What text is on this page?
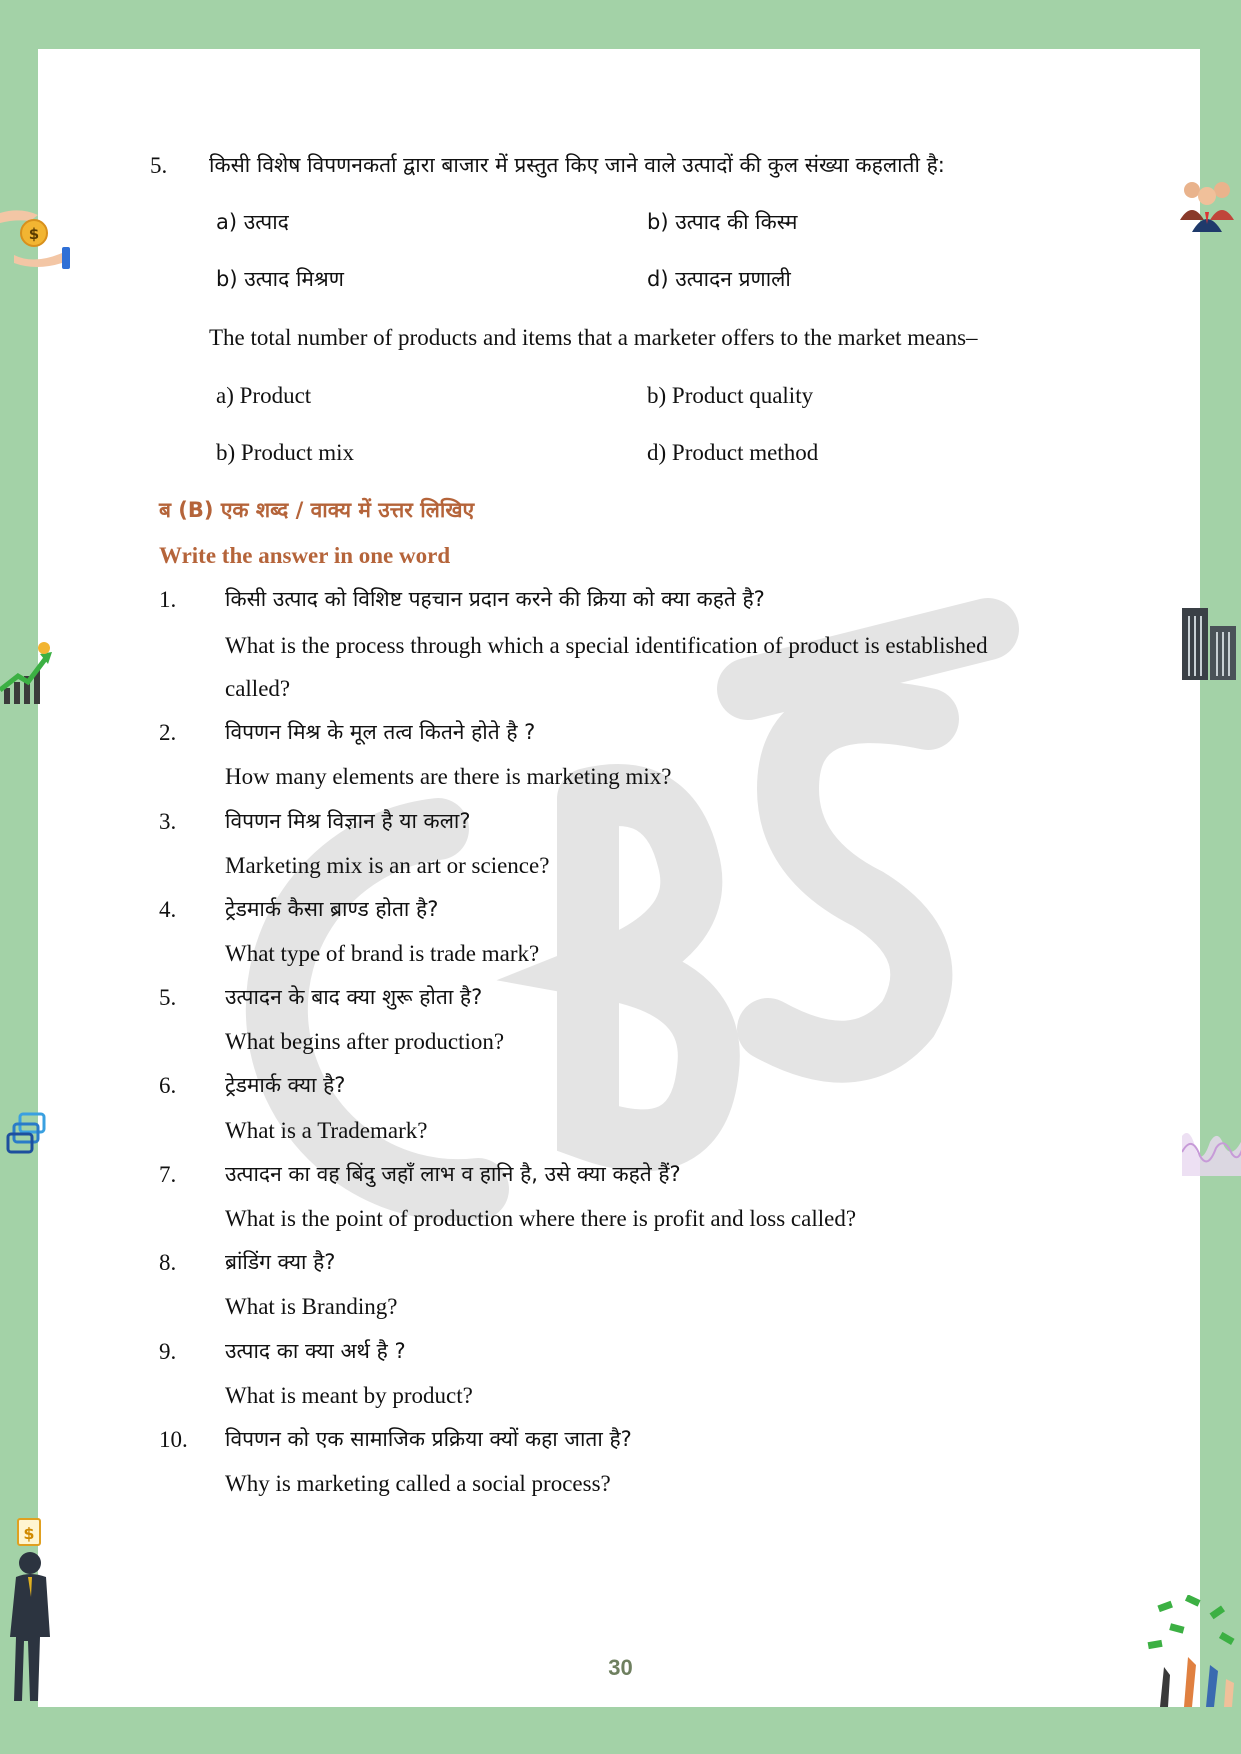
5. किसी विशेष विपणनकर्ता द्वारा बाजार में प्रस्तुत किए जाने वाले उत्पादों की कुल संख्या कहलाती है:
a) उत्पाद	b) उत्पाद की किस्म
b) उत्पाद मिश्रण	d) उत्पादन प्रणाली
The total number of products and items that a marketer offers to the market means–
a) Product	b) Product quality
b) Product mix	d) Product method
ब (B) एक शब्द / वाक्य में उत्तर लिखिए
Write the answer in one word
1. किसी उत्पाद को विशिष्ट पहचान प्रदान करने की क्रिया को क्या कहते है?
What is the process through which a special identification of product is established
called?
2. विपणन मिश्र के मूल तत्व कितने होते है ?
How many elements are there is marketing mix?
3. विपणन मिश्र विज्ञान है या कला?
Marketing mix is an art or science?
4. ट्रेडमार्क कैसा ब्राण्ड होता है?
What type of brand is trade mark?
5. उत्पादन के बाद क्या शुरू होता है?
What begins after production?
6. ट्रेडमार्क क्या है?
What is a Trademark?
7. उत्पादन का वह बिंदु जहाँ लाभ व हानि है, उसे क्या कहते हैं?
What is the point of production where there is profit and loss called?
8. ब्रांडिंग क्या है?
What is Branding?
9. उत्पाद का क्या अर्थ है ?
What is meant by product?
10. विपणन को एक सामाजिक प्रक्रिया क्यों कहा जाता है?
Why is marketing called a social process?
30
$
$
